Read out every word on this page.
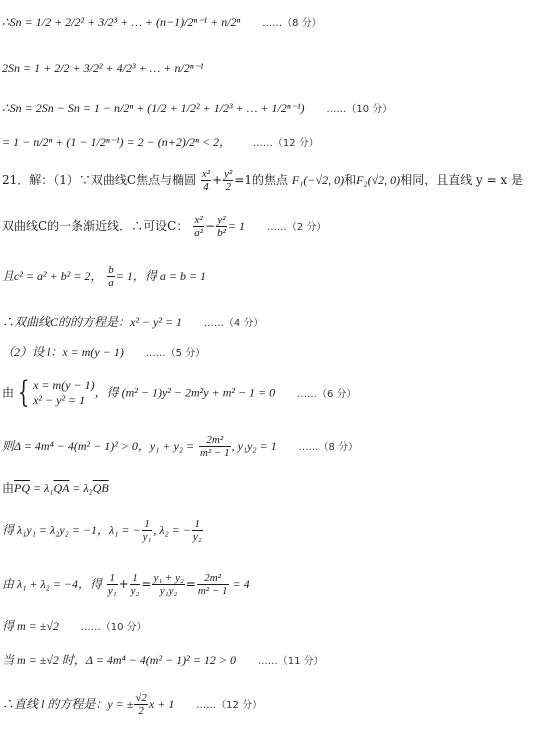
∴Sn = 1/2 + 2/2² + 3/2³ + … + (n−1)/2ⁿ⁻¹ + n/2ⁿ ……（8 分）
2Sn = 1 + 2/2 + 3/2² + 4/2³ + … + n/2ⁿ⁻¹
∴Sn = 2Sn − Sn = 1 − n/2ⁿ + (1/2 + 1/2² + 1/2³ + … + 1/2ⁿ⁻¹) ……（10 分）
= 1 − n/2ⁿ + (1 − 1/2ⁿ⁻¹) = 2 − (n+2)/2ⁿ < 2， ……（12 分）
21．解：（1）∵双曲线C焦点与椭圆 $\frac{\text{x²}}{4} + \frac{\text{y²}}{2} =1$的焦点 F₁(−√2, 0)和F₂(√2, 0)相同，且直线 y = x 是
双曲线C的一条渐近线．∴可设C： $\frac{\text{x²}}{\text{a²}} - \frac{\text{y²}}{\text{b²}} = 1$ ……（2 分）
且c² = a² + b² = 2， $\frac{b}{a} = 1$，得 a = b = 1
∴双曲线C的的方程是：x² − y² = 1 ……（4 分）
（2）设 l：x = m(y − 1) ……（5 分）
由 { x = m(y − 1)
x² − y² = 1
，得 (m² − 1)y² − 2m²y + m² − 1 = 0 ……（6 分）
则Δ = 4m⁴ − 4(m² − 1)² > 0，$y_1 + y_2 = \frac{\text{2m²}}{\text{m² − 1}}$ , y₁y₂ = 1 ……（8 分）
由$\overline{PQ} = \lambda_1\overline{QA} = \lambda_2\overline{QB}$
得 λ₁y₁ = λ₂y₂ = −1，λ₁ = − $\frac{1}{\text{y₁}}$ , λ₂ = − $\frac{1}{\text{y₂}}$
由 λ₁ + λ₂ = −4，得 $\frac{1}{\text{y₁}} + \frac{1}{\text{y₂}} = \frac{\text{y₁ + y₂}}{\text{y₁y₂}} = \frac{\text{2m²}}{\text{m² − 1}} = 4$
得 m = ±√2 ……（10 分）
当 m = ±√2 时，Δ = 4m⁴ − 4(m² − 1)² = 12 > 0 ……（11 分）
∴直线 l 的方程是：y = ± $\frac{√2}{2}$ x + 1 ……（12 分）
